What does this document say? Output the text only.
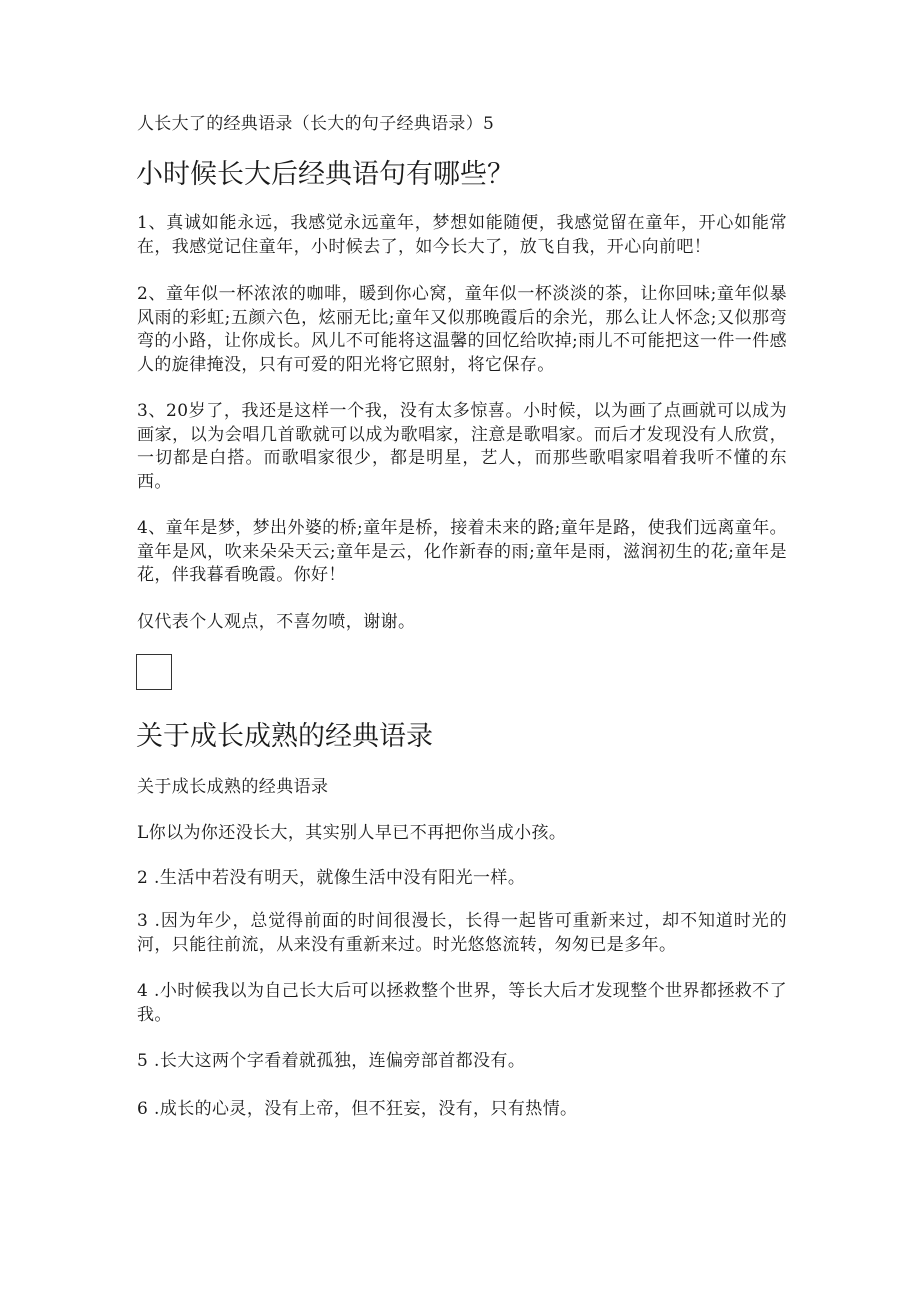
人长大了的经典语录（长大的句子经典语录）5
小时候长大后经典语句有哪些？

1、真诚如能永远，我感觉永远童年，梦想如能随便，我感觉留在童年，开心如能常在，我感觉记住童年，小时候去了，如今长大了，放飞自我，开心向前吧！

2、童年似一杯浓浓的咖啡，暖到你心窝，童年似一杯淡淡的茶，让你回味;童年似暴风雨的彩虹;五颜六色，炫丽无比;童年又似那晚霞后的余光，那么让人怀念;又似那弯弯的小路，让你成长。风儿不可能将这温馨的回忆给吹掉;雨儿不可能把这一件一件感人的旋律掩没，只有可爱的阳光将它照射，将它保存。

3、20岁了，我还是这样一个我，没有太多惊喜。小时候，以为画了点画就可以成为画家，以为会唱几首歌就可以成为歌唱家，注意是歌唱家。而后才发现没有人欣赏，一切都是白搭。而歌唱家很少，都是明星，艺人，而那些歌唱家唱着我听不懂的东西。

4、童年是梦，梦出外婆的桥;童年是桥，接着未来的路;童年是路，使我们远离童年。童年是风，吹来朵朵天云;童年是云，化作新春的雨;童年是雨，滋润初生的花;童年是花，伴我暮看晚霞。你好！

仅代表个人观点，不喜勿喷，谢谢。

关于成长成熟的经典语录

关于成长成熟的经典语录

L你以为你还没长大，其实别人早已不再把你当成小孩。

2 .生活中若没有明天，就像生活中没有阳光一样。

3 .因为年少，总觉得前面的时间很漫长，长得一起皆可重新来过，却不知道时光的河，只能往前流，从来没有重新来过。时光悠悠流转，匆匆已是多年。

4 .小时候我以为自己长大后可以拯救整个世界，等长大后才发现整个世界都拯救不了我。

5 .长大这两个字看着就孤独，连偏旁部首都没有。

6 .成长的心灵，没有上帝，但不狂妄，没有，只有热情。
